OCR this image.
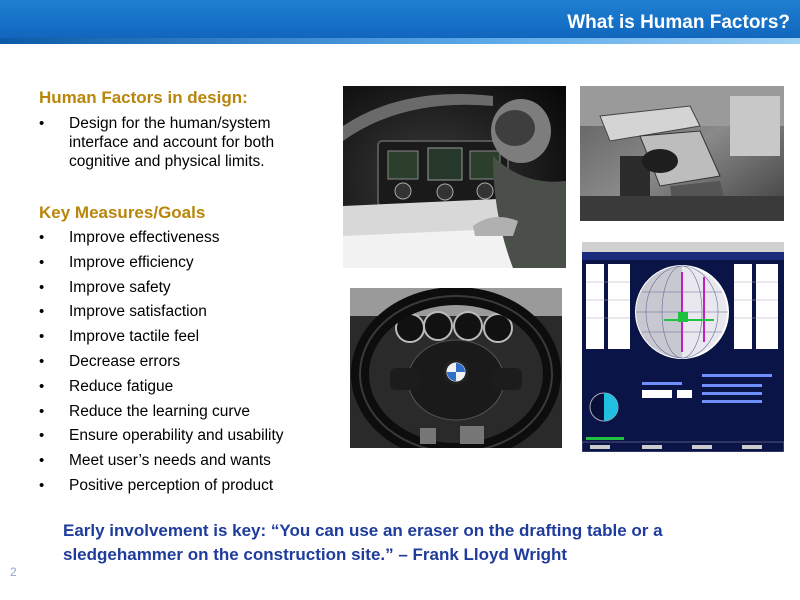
What is Human Factors?
Human Factors in design:
• Design for the human/system interface and account for both cognitive and physical limits.
Key Measures/Goals
• Improve effectiveness
• Improve efficiency
• Improve safety
• Improve satisfaction
• Improve tactile feel
• Decrease errors
• Reduce fatigue
• Reduce the learning curve
• Ensure operability and usability
• Meet user’s needs and wants
• Positive perception of product
Early involvement is key: “You can use an eraser on the drafting table or a sledgehammer on the construction site.” – Frank Lloyd Wright
2
